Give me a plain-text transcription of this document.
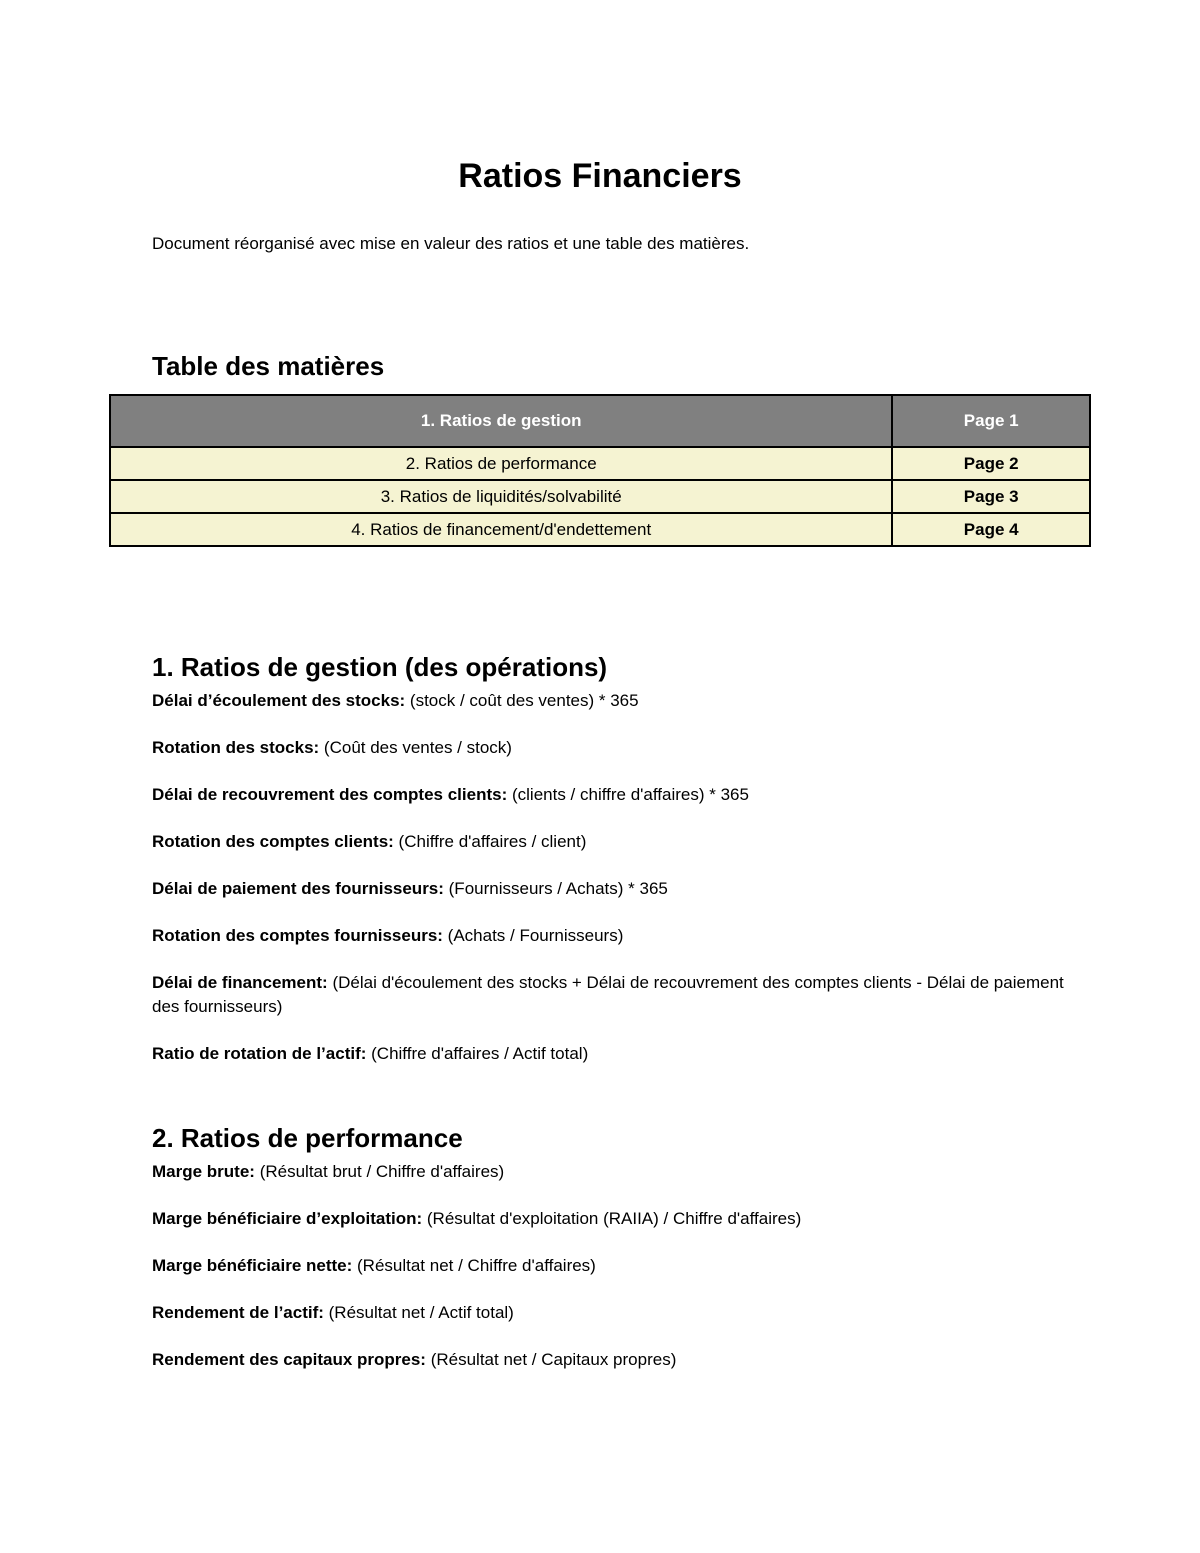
Ratios Financiers

Document réorganisé avec mise en valeur des ratios et une table des matières.

Table des matières
1. Ratios de gestion	Page 1
2. Ratios de performance	Page 2
3. Ratios de liquidités/solvabilité	Page 3
4. Ratios de financement/d'endettement	Page 4
1. Ratios de gestion (des opérations)

Délai d’écoulement des stocks: (stock / coût des ventes) * 365

Rotation des stocks: (Coût des ventes / stock)

Délai de recouvrement des comptes clients: (clients / chiffre d'affaires) * 365

Rotation des comptes clients: (Chiffre d'affaires / client)

Délai de paiement des fournisseurs: (Fournisseurs / Achats) * 365

Rotation des comptes fournisseurs: (Achats / Fournisseurs)

Délai de financement: (Délai d'écoulement des stocks + Délai de recouvrement des comptes clients - Délai de paiement des fournisseurs)

Ratio de rotation de l’actif: (Chiffre d'affaires / Actif total)

2. Ratios de performance

Marge brute: (Résultat brut / Chiffre d'affaires)

Marge bénéficiaire d’exploitation: (Résultat d'exploitation (RAIIA) / Chiffre d'affaires)

Marge bénéficiaire nette: (Résultat net / Chiffre d'affaires)

Rendement de l’actif: (Résultat net / Actif total)

Rendement des capitaux propres: (Résultat net / Capitaux propres)
